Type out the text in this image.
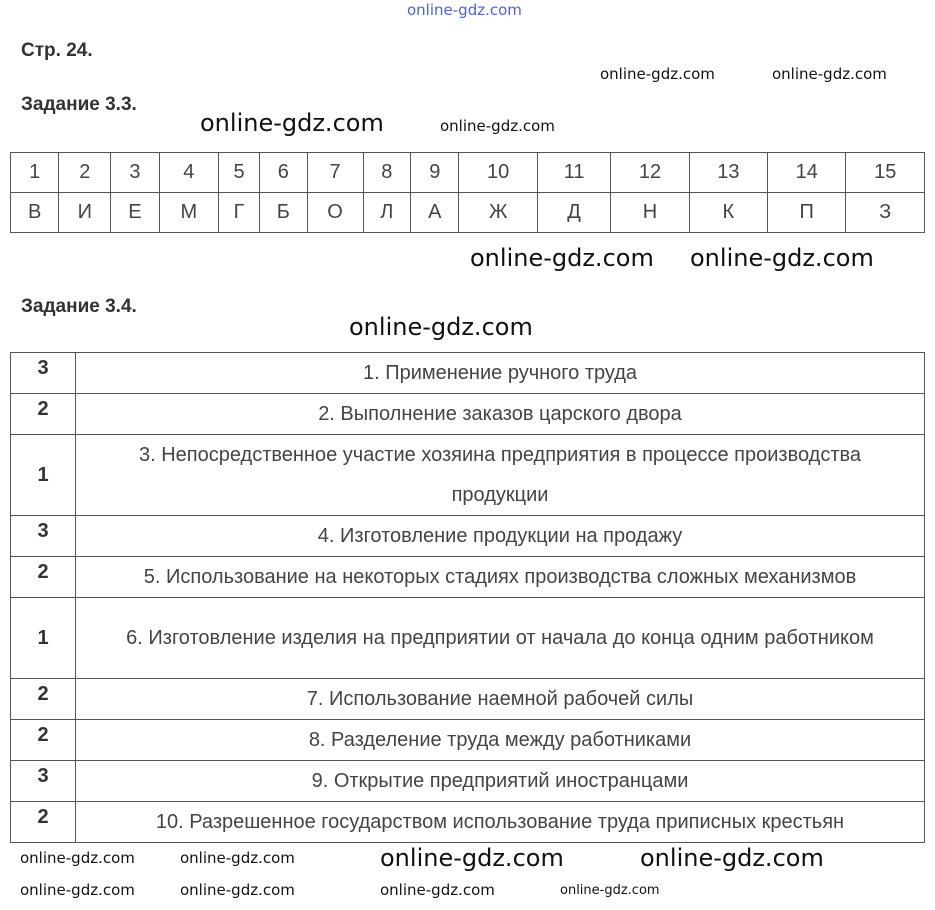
online-gdz.com
Стр. 24.
Задание 3.3.
1	2	3	4	5	6	7	8	9	10	11	12	13	14	15
В	И	Е	М	Г	Б	О	Л	А	Ж	Д	Н	К	П	З
Задание 3.4.
3	1. Применение ручного труда
2	2. Выполнение заказов царского двора
1	3. Непосредственное участие хозяина предприятия в процессе производства продукции
3	4. Изготовление продукции на продажу
2	5. Использование на некоторых стадиях производства сложных механизмов
1	6. Изготовление изделия на предприятии от начала до конца одним работником
2	7. Использование наемной рабочей силы
2	8. Разделение труда между работниками
3	9. Открытие предприятий иностранцами
2	10. Разрешенное государством использование труда приписных крестьян
online-gdz.com	online-gdz.com
online-gdz.com	online-gdz.com
online-gdz.com
online-gdz.com
online-gdz.com	online-gdz.com
online-gdz.com
online-gdz.com	online-gdz.com
online-gdz.com	online-gdz.com	online-gdz.com	online-gdz.com
